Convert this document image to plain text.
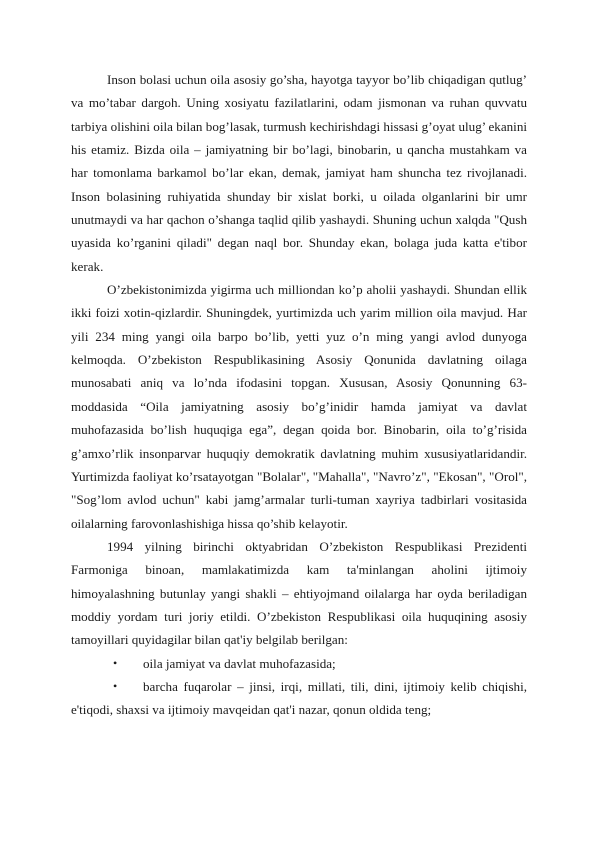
Inson bolasi uchun oila asosiy go’sha, hayotga tayyor bo’lib chiqadigan qutlug’ va mo’tabar dargoh. Uning xosiyatu fazilatlarini, odam jismonan va ruhan quvvatu tarbiya olishini oila bilan bog’lasak, turmush kechirishdagi hissasi g’oyat ulug’ ekanini his etamiz. Bizda oila – jamiyatning bir bo’lagi, binobarin, u qancha mustahkam va har tomonlama barkamol bo’lar ekan, demak, jamiyat ham shuncha tez rivojlanadi. Inson bolasining ruhiyatida shunday bir xislat borki, u oilada olganlarini bir umr unutmaydi va har qachon o’shanga taqlid qilib yashaydi. Shuning uchun xalqda "Qush uyasida ko’rganini qiladi" degan naql bor. Shunday ekan, bolaga juda katta e'tibor kerak.

O’zbekistonimizda yigirma uch milliondan ko’p aholii yashaydi. Shundan ellik ikki foizi xotin-qizlardir. Shuningdek, yurtimizda uch yarim million oila mavjud. Har yili 234 ming yangi oila barpo bo’lib, yetti yuz o’n ming yangi avlod dunyoga kelmoqda. O’zbekiston Respublikasining Asosiy Qonunida davlatning oilaga munosabati aniq va lo’nda ifodasini topgan. Xususan, Asosiy Qonunning 63-moddasida “Oila jamiyatning asosiy bo’g’inidir hamda jamiyat va davlat muhofazasida bo’lish huquqiga ega”, degan qoida bor. Binobarin, oila to’g’risida g’amxo’rlik insonparvar huquqiy demokratik davlatning muhim xususiyatlaridandir. Yurtimizda faoliyat ko’rsatayotgan "Bolalar", "Mahalla", "Navro’z", "Ekosan", "Orol", "Sog’lom avlod uchun" kabi jamg’armalar turli-tuman xayriya tadbirlari vositasida oilalarning farovonlashishiga hissa qo’shib kelayotir.

1994 yilning birinchi oktyabridan O’zbekiston Respublikasi Prezidenti Farmoniga binoan, mamlakatimizda kam ta'minlangan aholini ijtimoiy himoyalashning butunlay yangi shakli – ehtiyojmand oilalarga har oyda beriladigan moddiy yordam turi joriy etildi. O’zbekiston Respublikasi oila huquqining asosiy tamoyillari quyidagilar bilan qat'iy belgilab berilgan:

• oila jamiyat va davlat muhofazasida;

• barcha fuqarolar – jinsi, irqi, millati, tili, dini, ijtimoiy kelib chiqishi, e'tiqodi, shaxsi va ijtimoiy mavqeidan qat'i nazar, qonun oldida teng;
